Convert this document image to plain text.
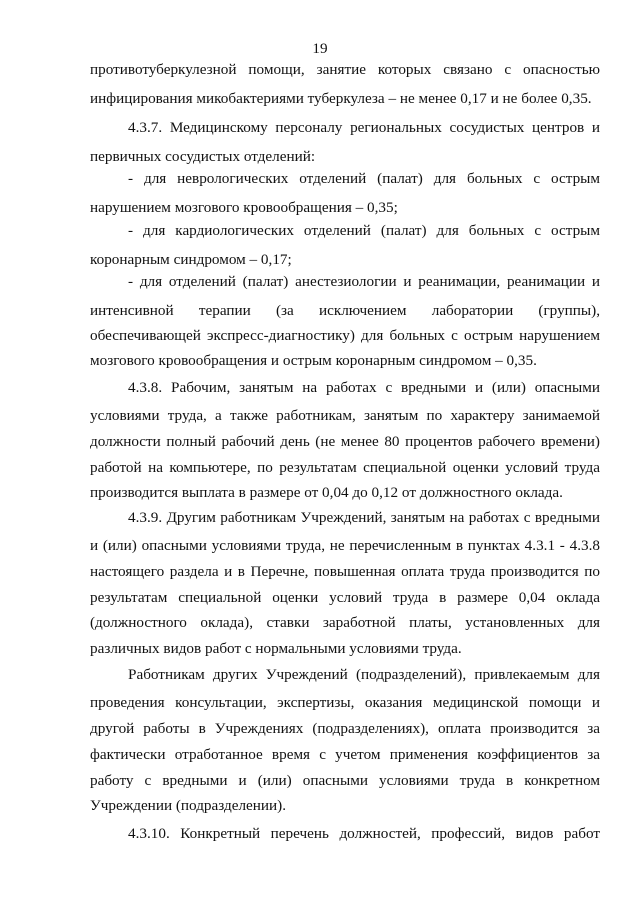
19
противотуберкулезной помощи, занятие которых связано с опасностью
инфицирования микобактериями туберкулеза – не менее 0,17 и не более 0,35.
4.3.7. Медицинскому персоналу региональных сосудистых центров и
первичных сосудистых отделений:
- для неврологических отделений (палат) для больных с острым
нарушением мозгового кровообращения – 0,35;
- для кардиологических отделений (палат) для больных с острым
коронарным синдромом – 0,17;
- для отделений (палат) анестезиологии и реанимации, реанимации и
интенсивной терапии (за исключением лаборатории (группы),
обеспечивающей экспресс-диагностику) для больных с острым нарушением
мозгового кровообращения и острым коронарным синдромом – 0,35.
4.3.8. Рабочим, занятым на работах с вредными и (или) опасными
условиями труда, а также работникам, занятым по характеру занимаемой
должности полный рабочий день (не менее 80 процентов рабочего времени)
работой на компьютере, по результатам специальной оценки условий труда
производится выплата в размере от 0,04 до 0,12 от должностного оклада.
4.3.9. Другим работникам Учреждений, занятым на работах с вредными
и (или) опасными условиями труда, не перечисленным в пунктах 4.3.1 - 4.3.8
настоящего раздела и в Перечне, повышенная оплата труда производится по
результатам специальной оценки условий труда в размере 0,04 оклада
(должностного оклада), ставки заработной платы, установленных для
различных видов работ с нормальными условиями труда.
Работникам других Учреждений (подразделений), привлекаемым для
проведения консультации, экспертизы, оказания медицинской помощи и
другой работы в Учреждениях (подразделениях), оплата производится за
фактически отработанное время с учетом применения коэффициентов за
работу с вредными и (или) опасными условиями труда в конкретном
Учреждении (подразделении).
4.3.10. Конкретный перечень должностей, профессий, видов работ
